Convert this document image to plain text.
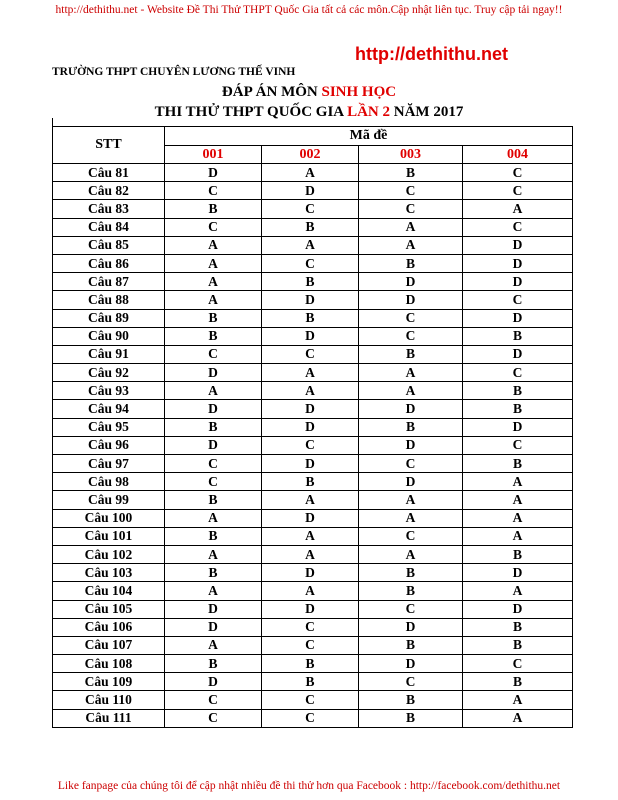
http://dethithu.net - Website Đề Thi Thử THPT Quốc Gia tất cả các môn.Cập nhật liên tục. Truy cập tải ngay!!
http://dethithu.net
TRƯỜNG THPT CHUYÊN LƯƠNG THẾ VINH
ĐÁP ÁN MÔN SINH HỌC
THI THỬ THPT QUỐC GIA LẦN 2 NĂM 2017
STT	Mã đề			
	001	002	003	004
Câu 81	D	A	B	C
Câu 82	C	D	C	C
Câu 83	B	C	C	A
Câu 84	C	B	A	C
Câu 85	A	A	A	D
Câu 86	A	C	B	D
Câu 87	A	B	D	D
Câu 88	A	D	D	C
Câu 89	B	B	C	D
Câu 90	B	D	C	B
Câu 91	C	C	B	D
Câu 92	D	A	A	C
Câu 93	A	A	A	B
Câu 94	D	D	D	B
Câu 95	B	D	B	D
Câu 96	D	C	D	C
Câu 97	C	D	C	B
Câu 98	C	B	D	A
Câu 99	B	A	A	A
Câu 100	A	D	A	A
Câu 101	B	A	C	A
Câu 102	A	A	A	B
Câu 103	B	D	B	D
Câu 104	A	A	B	A
Câu 105	D	D	C	D
Câu 106	D	C	D	B
Câu 107	A	C	B	B
Câu 108	B	B	D	C
Câu 109	D	B	C	B
Câu 110	C	C	B	A
Câu 111	C	C	B	A
Like fanpage của chúng tôi để cập nhật nhiều đề thi thử hơn qua Facebook : http://facebook.com/dethithu.net
